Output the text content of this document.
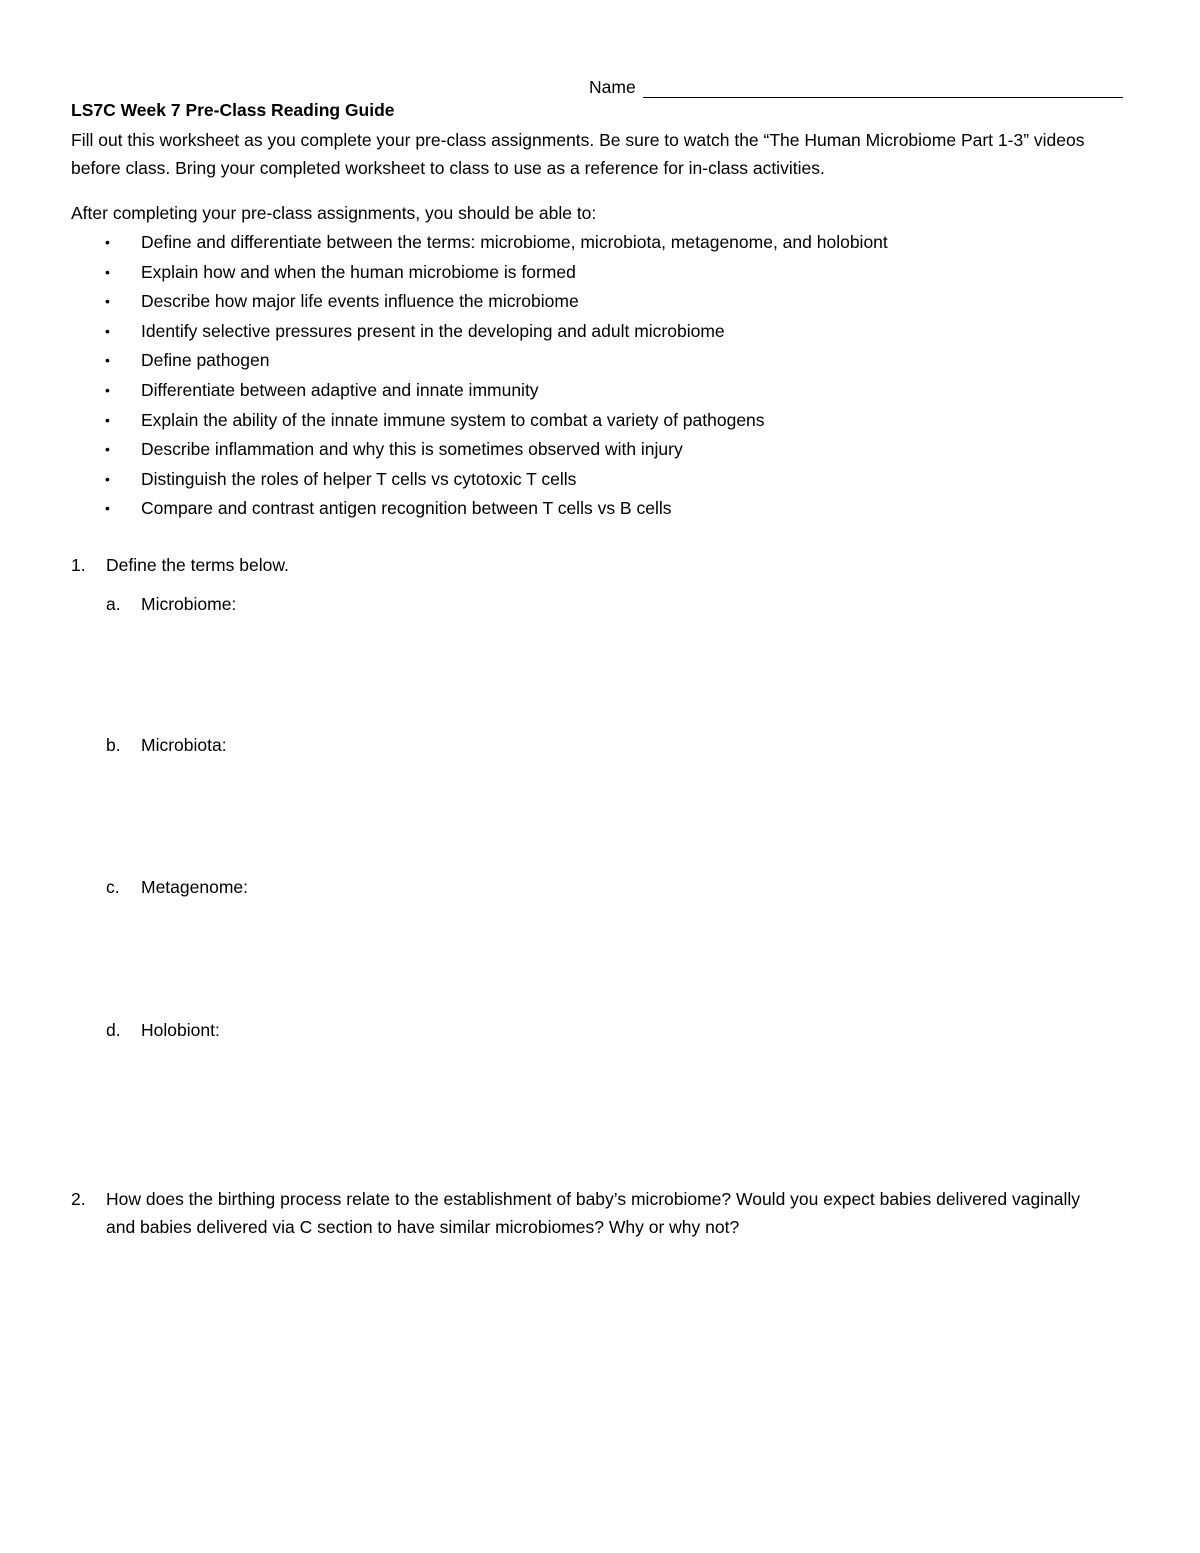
Name
LS7C Week 7 Pre-Class Reading Guide
Fill out this worksheet as you complete your pre-class assignments. Be sure to watch the “The Human Microbiome Part 1-3” videos before class. Bring your completed worksheet to class to use as a reference for in-class activities.
After completing your pre-class assignments, you should be able to:
• Define and differentiate between the terms: microbiome, microbiota, metagenome, and holobiont
• Explain how and when the human microbiome is formed
• Describe how major life events influence the microbiome
• Identify selective pressures present in the developing and adult microbiome
• Define pathogen
• Differentiate between adaptive and innate immunity
• Explain the ability of the innate immune system to combat a variety of pathogens
• Describe inflammation and why this is sometimes observed with injury
• Distinguish the roles of helper T cells vs cytotoxic T cells
• Compare and contrast antigen recognition between T cells vs B cells
1. Define the terms below.
a. Microbiome:
b. Microbiota:
c. Metagenome:
d. Holobiont:
2. How does the birthing process relate to the establishment of baby’s microbiome? Would you expect babies delivered vaginally and babies delivered via C section to have similar microbiomes? Why or why not?
